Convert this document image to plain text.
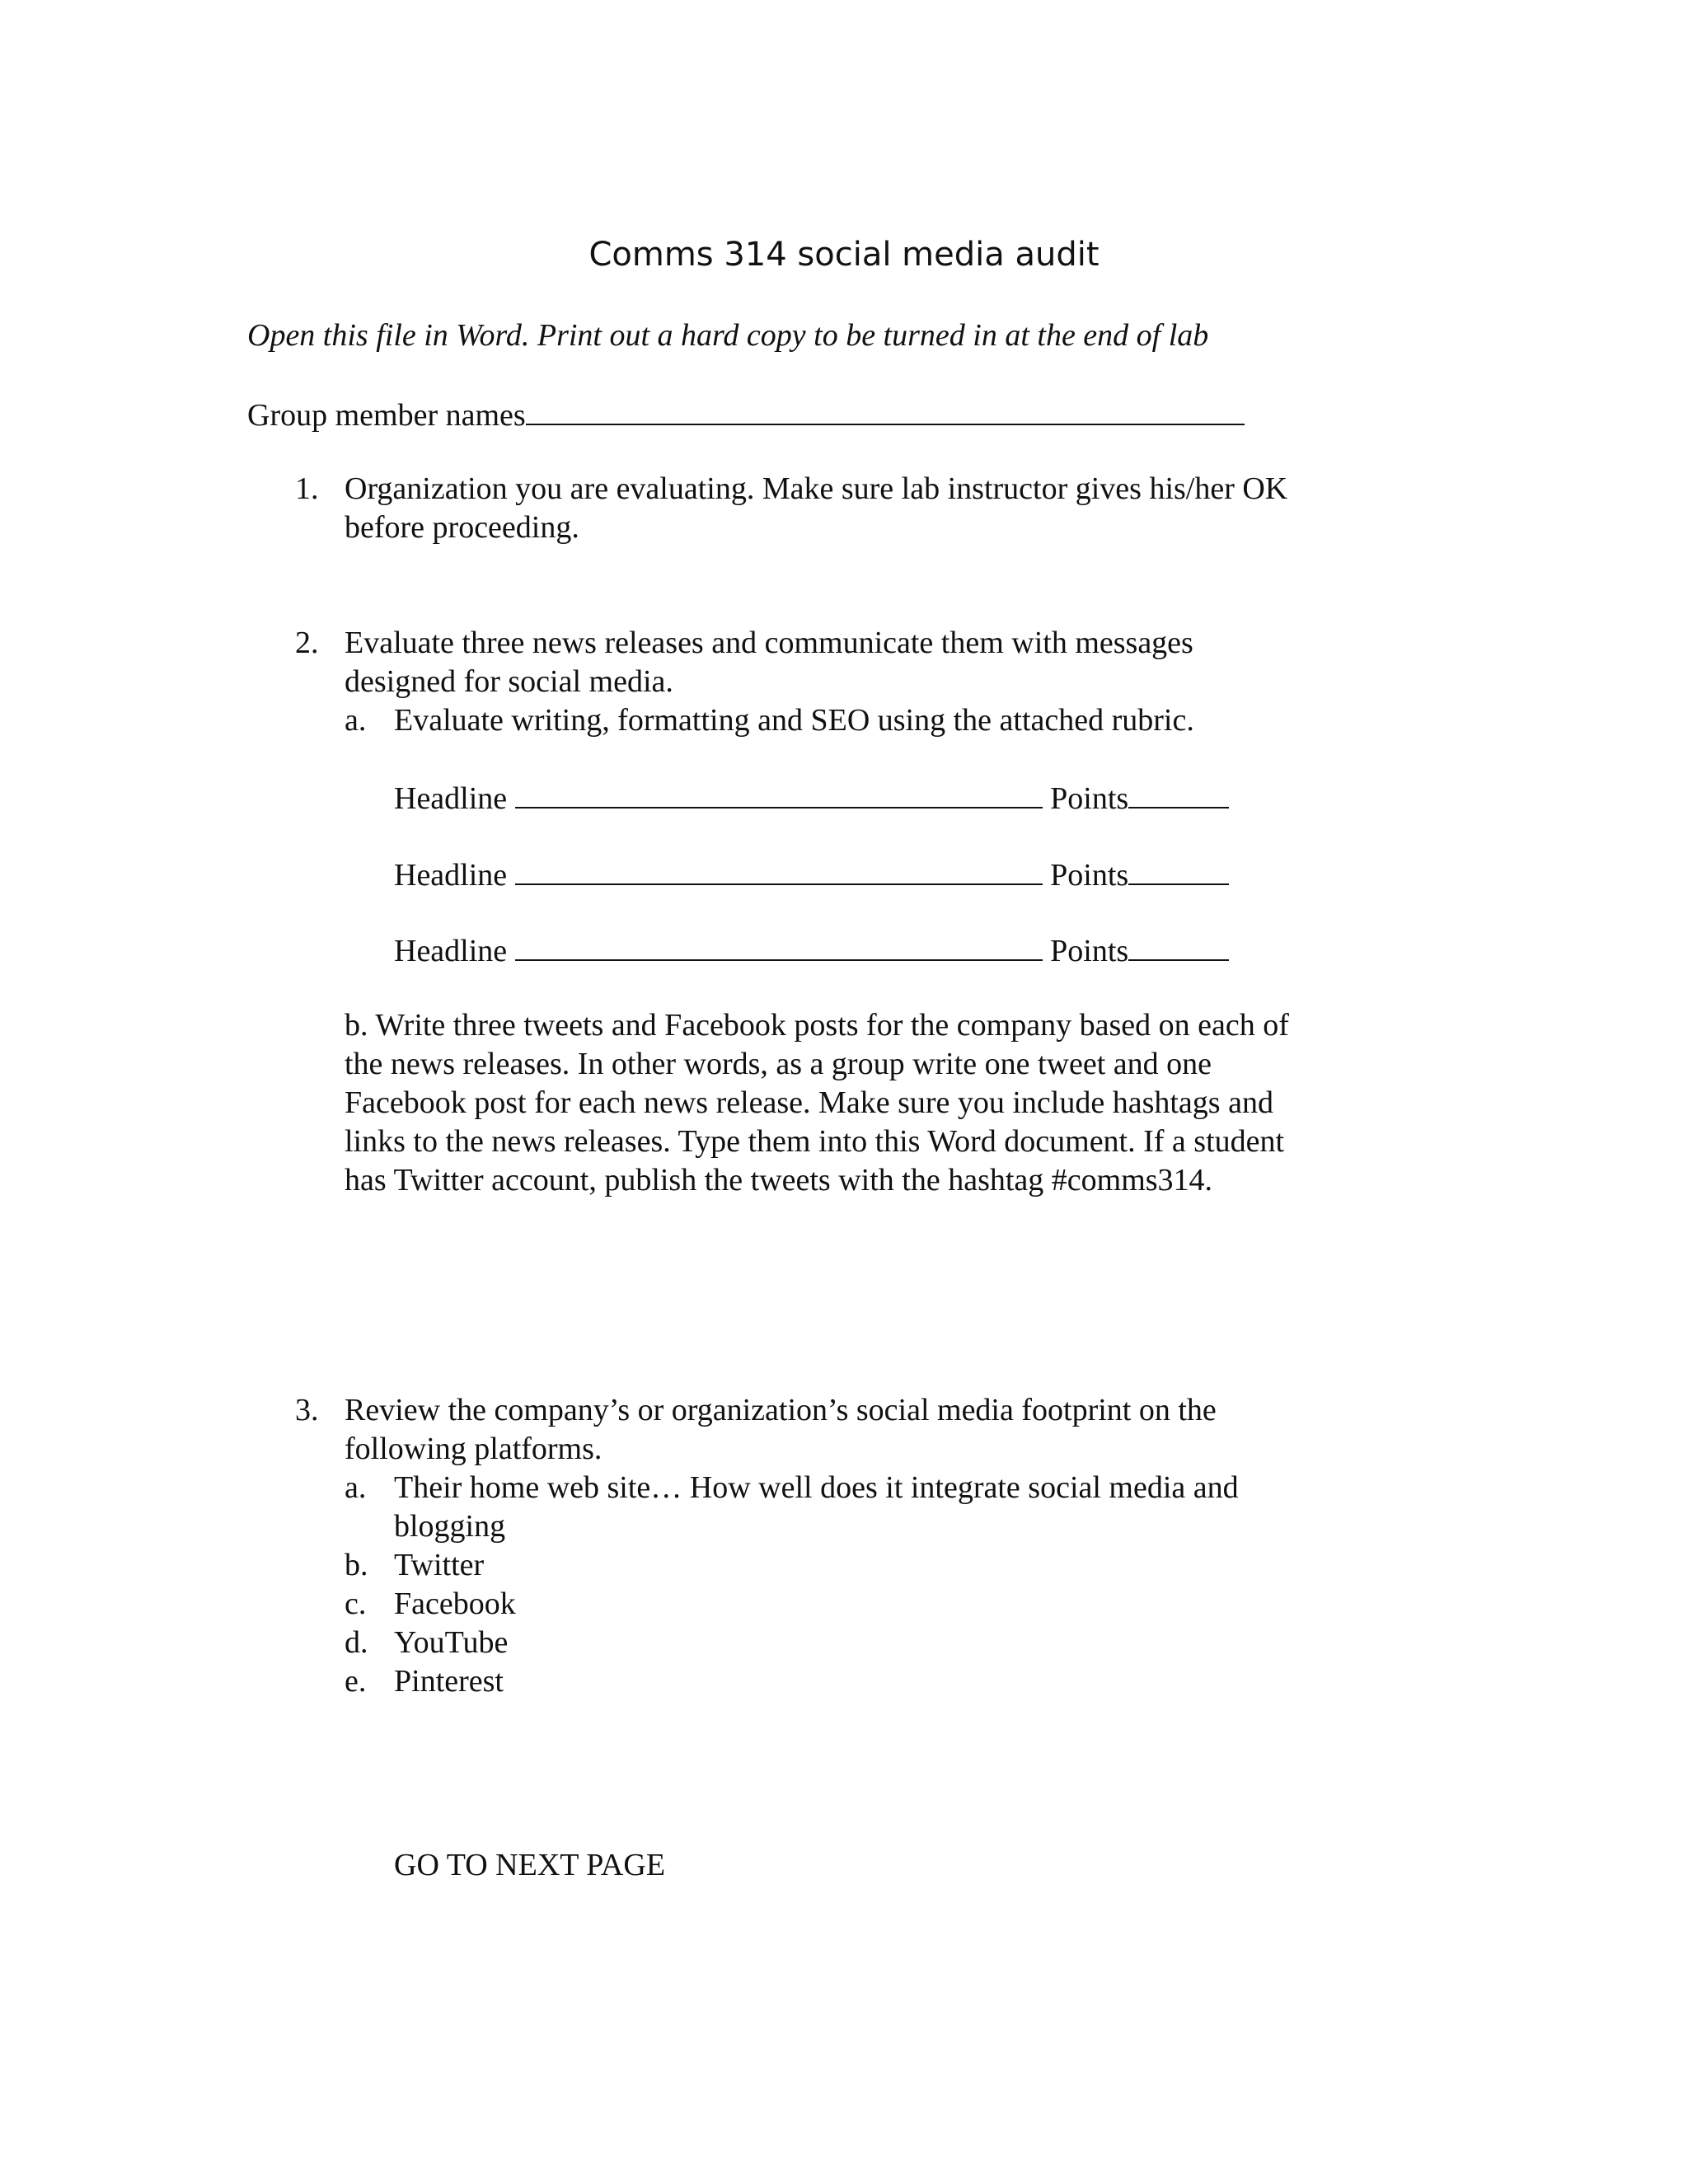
Comms 314 social media audit
Open this file in Word. Print out a hard copy to be turned in at the end of lab
Group member names
1. Organization you are evaluating. Make sure lab instructor gives his/her OK
before proceeding.
2. Evaluate three news releases and communicate them with messages
designed for social media.
a. Evaluate writing, formatting and SEO using the attached rubric.
Headline	Points
Headline	Points
Headline	Points
b. Write three tweets and Facebook posts for the company based on each of
the news releases. In other words, as a group write one tweet and one
Facebook post for each news release. Make sure you include hashtags and
links to the news releases. Type them into this Word document. If a student
has Twitter account, publish the tweets with the hashtag #comms314.
3. Review the company’s or organization’s social media footprint on the
following platforms.
a. Their home web site… How well does it integrate social media and
blogging
b. Twitter
c. Facebook
d. YouTube
e. Pinterest
GO TO NEXT PAGE
